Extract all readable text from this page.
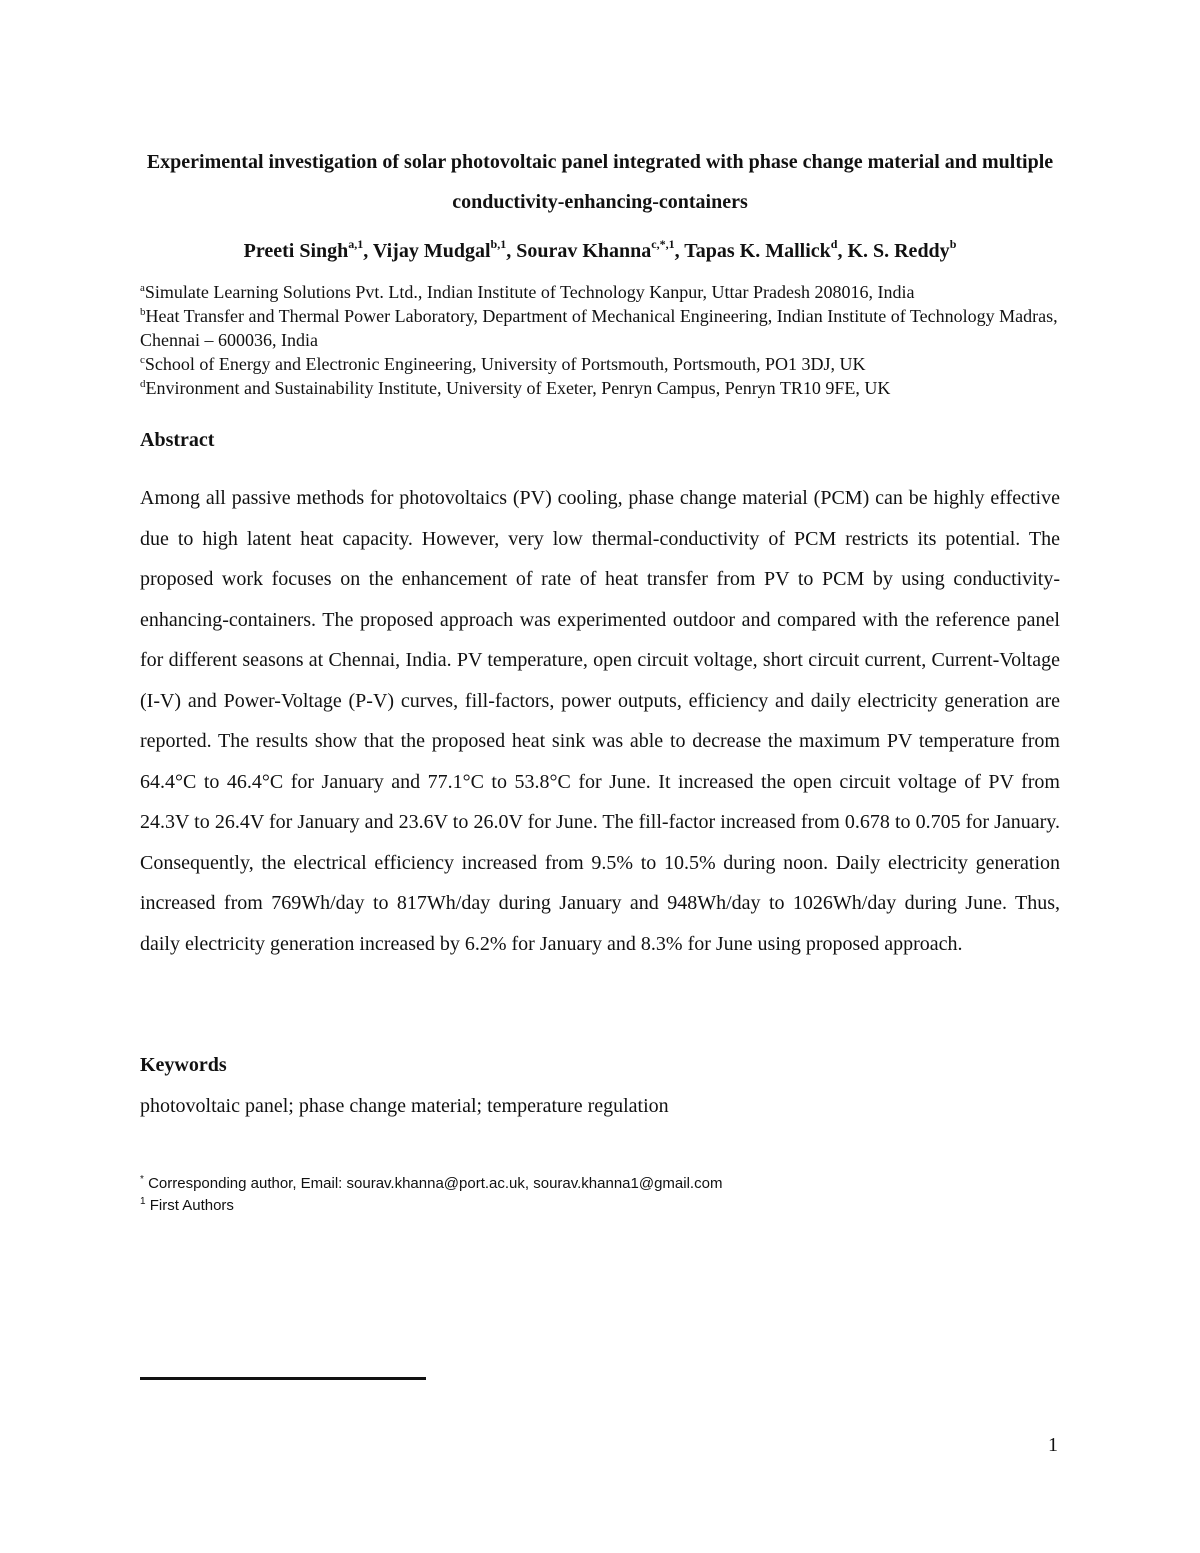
Experimental investigation of solar photovoltaic panel integrated with phase change material and multiple conductivity-enhancing-containers
Preeti Singh$^{a,1}$, Vijay Mudgal$^{b,1}$, Sourav Khanna$^{c,*,1}$, Tapas K. Mallick$^d$, K. S. Reddy$^b$

$^a$Simulate Learning Solutions Pvt. Ltd., Indian Institute of Technology Kanpur, Uttar Pradesh 208016, India

$^b$Heat Transfer and Thermal Power Laboratory, Department of Mechanical Engineering, Indian Institute of Technology Madras, Chennai – 600036, India

$^c$School of Energy and Electronic Engineering, University of Portsmouth, Portsmouth, PO1 3DJ, UK

$^d$Environment and Sustainability Institute, University of Exeter, Penryn Campus, Penryn TR10 9FE, UK

Abstract

Among all passive methods for photovoltaics (PV) cooling, phase change material (PCM) can be highly effective due to high latent heat capacity. However, very low thermal-conductivity of PCM restricts its potential. The proposed work focuses on the enhancement of rate of heat transfer from PV to PCM by using conductivity-enhancing-containers. The proposed approach was experimented outdoor and compared with the reference panel for different seasons at Chennai, India. PV temperature, open circuit voltage, short circuit current, Current-Voltage (I-V) and Power-Voltage (P-V) curves, fill-factors, power outputs, efficiency and daily electricity generation are reported. The results show that the proposed heat sink was able to decrease the maximum PV temperature from 64.4°C to 46.4°C for January and 77.1°C to 53.8°C for June. It increased the open circuit voltage of PV from 24.3V to 26.4V for January and 23.6V to 26.0V for June. The fill-factor increased from 0.678 to 0.705 for January. Consequently, the electrical efficiency increased from 9.5% to 10.5% during noon. Daily electricity generation increased from 769Wh/day to 817Wh/day during January and 948Wh/day to 1026Wh/day during June. Thus, daily electricity generation increased by 6.2% for January and 8.3% for June using proposed approach.

Keywords
photovoltaic panel; phase change material; temperature regulation

* Corresponding author, Email: sourav.khanna@port.ac.uk, sourav.khanna1@gmail.com

$^1$ First Authors

1
